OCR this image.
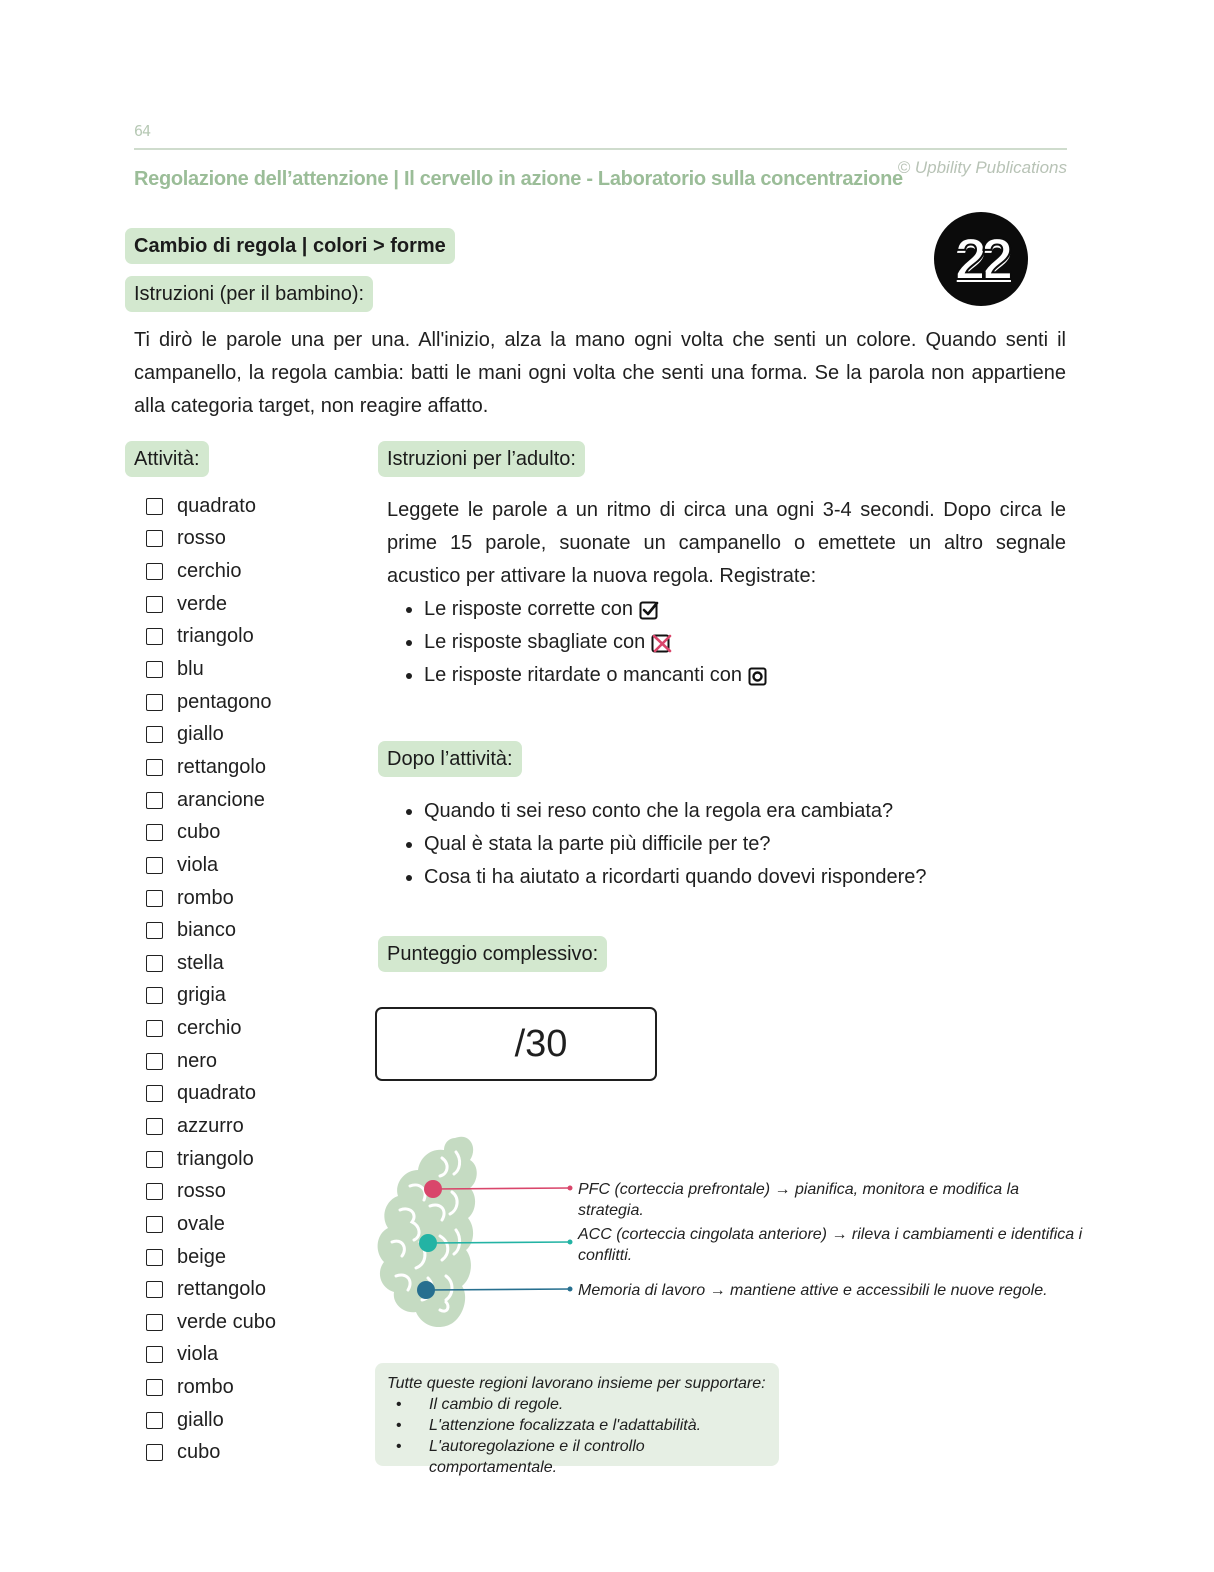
64
Regolazione dell’attenzione | Il cervello in azione - Laboratorio sulla concentrazione
© Upbility Publications
Cambio di regola | colori > forme	22
Istruzioni (per il bambino):
Ti dirò le parole una per una. All'inizio, alza la mano ogni volta che senti un colore. Quando senti il campanello, la regola cambia: batti le mani ogni volta che senti una forma. Se la parola non appartiene alla categoria target, non reagire affatto.
Attività:
quadrato
rosso
cerchio
verde
triangolo
blu
pentagono
giallo
rettangolo
arancione
cubo
viola
rombo
bianco
stella
grigia
cerchio
nero
quadrato
azzurro
triangolo
rosso
ovale
beige
rettangolo
verde cubo
viola
rombo
giallo
cubo
Istruzioni per l’adulto:
Leggete le parole a un ritmo di circa una ogni 3-4 secondi. Dopo circa le prime 15 parole, suonate un campanello o emettete un altro segnale acustico per attivare la nuova regola. Registrate:
• Le risposte corrette con
• Le risposte sbagliate con
• Le risposte ritardate o mancanti con
Dopo l’attività:
• Quando ti sei reso conto che la regola era cambiata?
• Qual è stata la parte più difficile per te?
• Cosa ti ha aiutato a ricordarti quando dovevi rispondere?
Punteggio complessivo:
/30
PFC (corteccia prefrontale) → pianifica, monitora e modifica la strategia.
ACC (corteccia cingolata anteriore) → rileva i cambiamenti e identifica i conflitti.
Memoria di lavoro → mantiene attive e accessibili le nuove regole.
Tutte queste regioni lavorano insieme per supportare:
• Il cambio di regole.
• L'attenzione focalizzata e l'adattabilità.
• L'autoregolazione e il controllo comportamentale.
